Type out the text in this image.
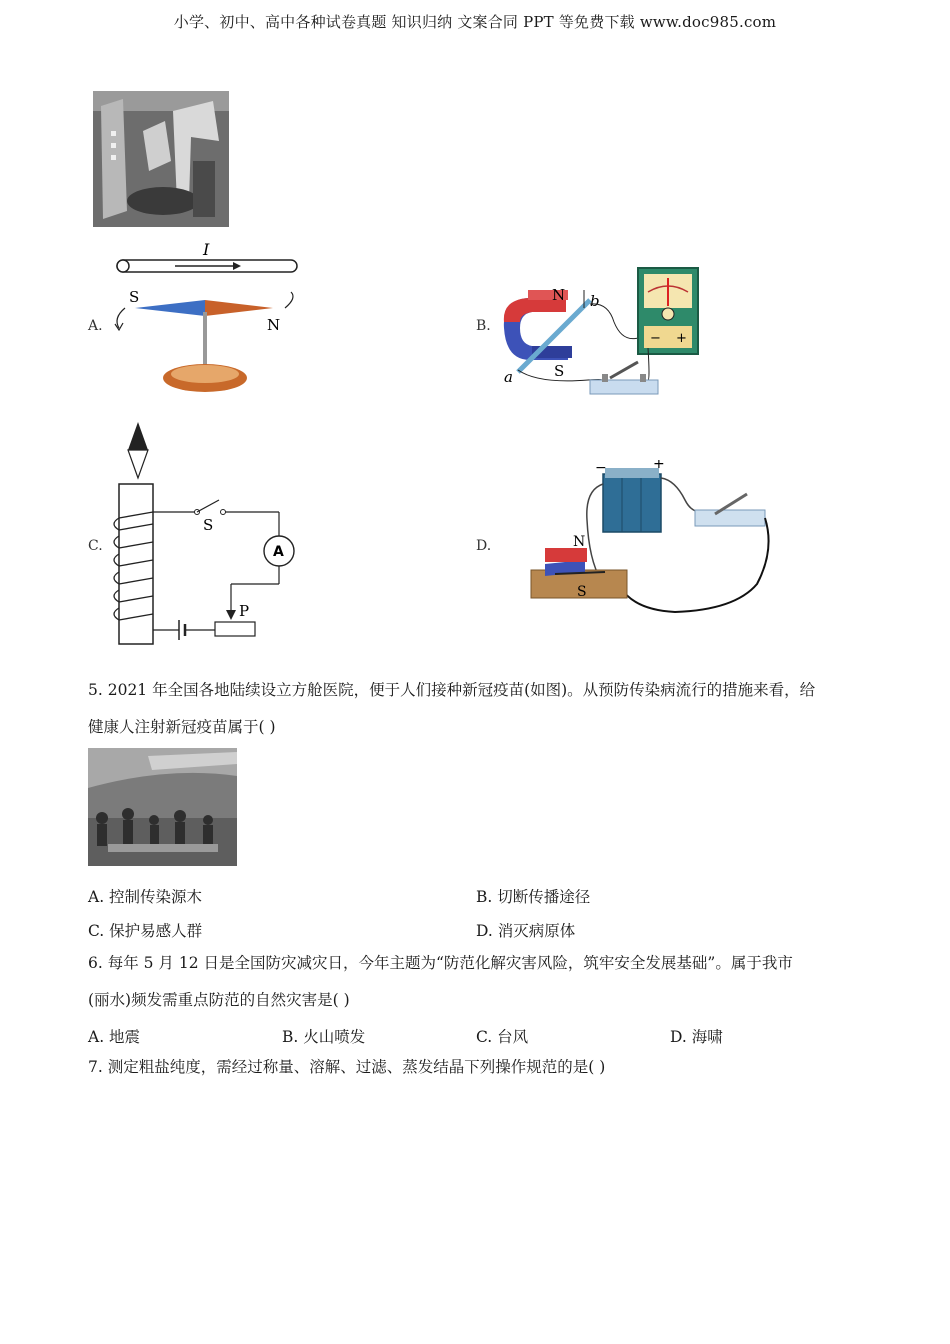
小学、初中、高中各种试卷真题 知识归纳 文案合同 PPT 等免费下载 www.doc985.com
A.
I
S
N	B.
N
S
a
b
− +
C.
S
A
P
D.
−	+
N
S
5. 2021 年全国各地陆续设立方舱医院，便于人们接种新冠疫苗(如图)。从预防传染病流行的措施来看，给
健康人注射新冠疫苗属于( )
A. 控制传染源木	B. 切断传播途径
C. 保护易感人群	D. 消灭病原体
6. 每年 5 月 12 日是全国防灾减灾日，今年主题为“防范化解灾害风险，筑牢安全发展基础”。属于我市
(丽水)频发需重点防范的自然灾害是( )
A. 地震	B. 火山喷发	C. 台风	D. 海啸
7. 测定粗盐纯度，需经过称量、溶解、过滤、蒸发结晶下列操作规范的是( )
